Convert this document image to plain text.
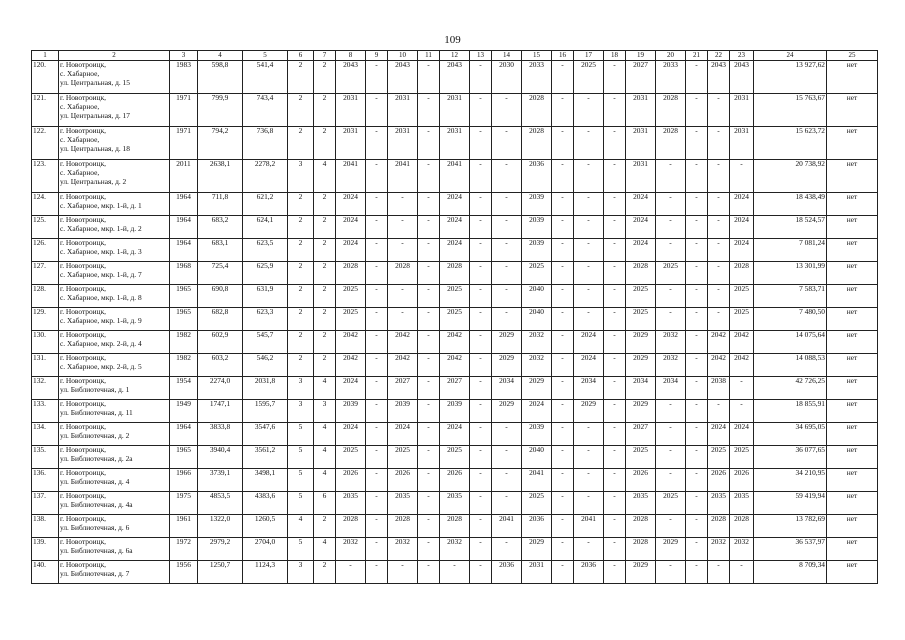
109
1	2	3	4	5	6	7	8	9	10	11	12	13	14	15	16	17	18	19	20	21	22	23	24	25
120.	г. Новотроицк,
с. Хабарное,
ул. Центральная, д. 15	1983	598,8	541,4	2	2	2043	-	2043	-	2043	-	2030	2033	-	2025	-	2027	2033	-	2043	2043	13 927,62	нет
121.	г. Новотроицк,
с. Хабарное,
ул. Центральная, д. 17	1971	799,9	743,4	2	2	2031	-	2031	-	2031	-	-	2028	-	-	-	2031	2028	-	-	2031	15 763,67	нет
122.	г. Новотроицк,
с. Хабарное,
ул. Центральная, д. 18	1971	794,2	736,8	2	2	2031	-	2031	-	2031	-	-	2028	-	-	-	2031	2028	-	-	2031	15 623,72	нет
123.	г. Новотроицк,
с. Хабарное,
ул. Центральная, д. 2	2011	2638,1	2278,2	3	4	2041	-	2041	-	2041	-	-	2036	-	-	-	2031	-	-	-	-	20 738,92	нет
124.	г. Новотроицк,
с. Хабарное, мкр. 1-й, д. 1	1964	711,8	621,2	2	2	2024	-	-	-	2024	-	-	2039	-	-	-	2024	-	-	-	2024	18 438,49	нет
125.	г. Новотроицк,
с. Хабарное, мкр. 1-й, д. 2	1964	683,2	624,1	2	2	2024	-	-	-	2024	-	-	2039	-	-	-	2024	-	-	-	2024	18 524,57	нет
126.	г. Новотроицк,
с. Хабарное, мкр. 1-й, д. 3	1964	683,1	623,5	2	2	2024	-	-	-	2024	-	-	2039	-	-	-	2024	-	-	-	2024	7 081,24	нет
127.	г. Новотроицк,
с. Хабарное, мкр. 1-й, д. 7	1968	725,4	625,9	2	2	2028	-	2028	-	2028	-	-	2025	-	-	-	2028	2025	-	-	2028	13 301,99	нет
128.	г. Новотроицк,
с. Хабарное, мкр. 1-й, д. 8	1965	690,8	631,9	2	2	2025	-	-	-	2025	-	-	2040	-	-	-	2025	-	-	-	2025	7 583,71	нет
129.	г. Новотроицк,
с. Хабарное, мкр. 1-й, д. 9	1965	682,8	623,3	2	2	2025	-	-	-	2025	-	-	2040	-	-	-	2025	-	-	-	2025	7 480,50	нет
130.	г. Новотроицк,
с. Хабарное, мкр. 2-й, д. 4	1982	602,9	545,7	2	2	2042	-	2042	-	2042	-	2029	2032	-	2024	-	2029	2032	-	2042	2042	14 075,64	нет
131.	г. Новотроицк,
с. Хабарное, мкр. 2-й, д. 5	1982	603,2	546,2	2	2	2042	-	2042	-	2042	-	2029	2032	-	2024	-	2029	2032	-	2042	2042	14 088,53	нет
132.	г. Новотроицк,
ул. Библиотечная, д. 1	1954	2274,0	2031,8	3	4	2024	-	2027	-	2027	-	2034	2029	-	2034	-	2034	2034	-	2038	-	42 726,25	нет
133.	г. Новотроицк,
ул. Библиотечная, д. 11	1949	1747,1	1595,7	3	3	2039	-	2039	-	2039	-	2029	2024	-	2029	-	2029	-	-	-	-	18 855,91	нет
134.	г. Новотроицк,
ул. Библиотечная, д. 2	1964	3833,8	3547,6	5	4	2024	-	2024	-	2024	-	-	2039	-	-	-	2027	-	-	2024	2024	34 695,05	нет
135.	г. Новотроицк,
ул. Библиотечная, д. 2а	1965	3940,4	3561,2	5	4	2025	-	2025	-	2025	-	-	2040	-	-	-	2025	-	-	2025	2025	36 077,65	нет
136.	г. Новотроицк,
ул. Библиотечная, д. 4	1966	3739,1	3498,1	5	4	2026	-	2026	-	2026	-	-	2041	-	-	-	2026	-	-	2026	2026	34 210,95	нет
137.	г. Новотроицк,
ул. Библиотечная, д. 4а	1975	4853,5	4383,6	5	6	2035	-	2035	-	2035	-	-	2025	-	-	-	2035	2025	-	2035	2035	59 419,94	нет
138.	г. Новотроицк,
ул. Библиотечная, д. 6	1961	1322,0	1260,5	4	2	2028	-	2028	-	2028	-	2041	2036	-	2041	-	2028	-	-	2028	2028	13 782,69	нет
139.	г. Новотроицк,
ул. Библиотечная, д. 6а	1972	2979,2	2704,0	5	4	2032	-	2032	-	2032	-	-	2029	-	-	-	2028	2029	-	2032	2032	36 537,97	нет
140.	г. Новотроицк,
ул. Библиотечная, д. 7	1956	1250,7	1124,3	3	2	-	-	-	-	-	-	2036	2031	-	2036	-	2029	-	-	-	-	8 709,34	нет
